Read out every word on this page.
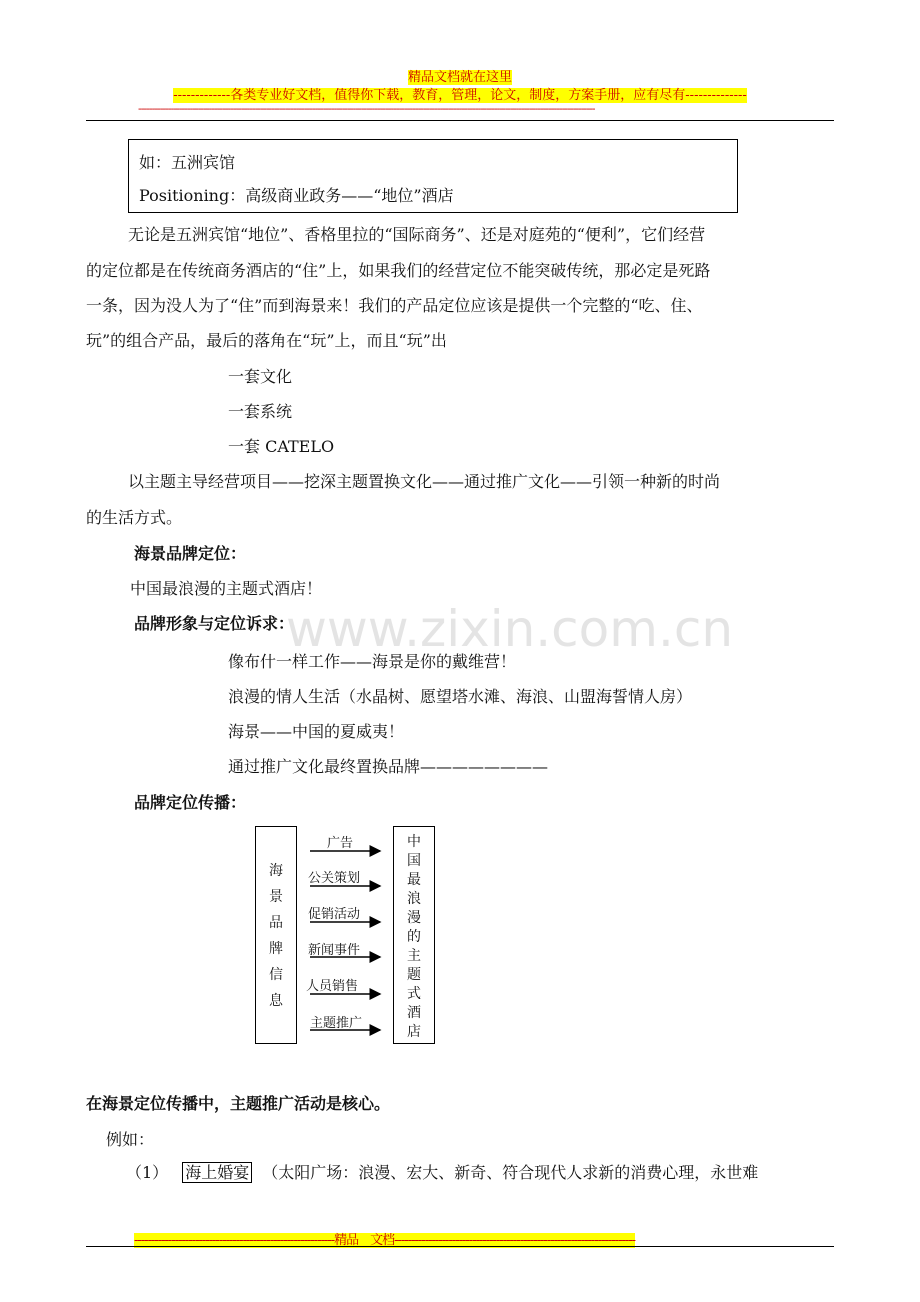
精品文档就在这里
-------------各类专业好文档，值得你下载，教育，管理，论文，制度，方案手册，应有尽有--------------
------------------------------------------------------------------------------------------------------------------------------------------------------------------------
如：五洲宾馆
Positioning：高级商业政务——“地位”酒店
无论是五洲宾馆“地位”、香格里拉的“国际商务”、还是对庭苑的“便利”，它们经营
的定位都是在传统商务酒店的“住”上，如果我们的经营定位不能突破传统，那必定是死路
一条，因为没人为了“住”而到海景来！我们的产品定位应该是提供一个完整的“吃、住、
玩”的组合产品，最后的落角在“玩”上，而且“玩”出
一套文化
一套系统
一套 CATELO
以主题主导经营项目——挖深主题置换文化——通过推广文化——引领一种新的时尚
的生活方式。
海景品牌定位：
中国最浪漫的主题式酒店！
品牌形象与定位诉求：
www.zixin.com.cn
像布什一样工作——海景是你的戴维营！
浪漫的情人生活（水晶树、愿望塔水滩、海浪、山盟海誓情人房）
海景——中国的夏威夷！
通过推广文化最终置换品牌————————
品牌定位传播：
海景品牌信息
中国最浪漫的主题式酒店
广告
公关策划
促销活动
新闻事件
人员销售
主题推广
在海景定位传播中，主题推广活动是核心。
例如：
（1） 海上婚宴 （太阳广场：浪漫、宏大、新奇、符合现代人求新的消费心理，永世难
-----------------------------------------------------------精品　文档-----------------------------------------------------------------------
